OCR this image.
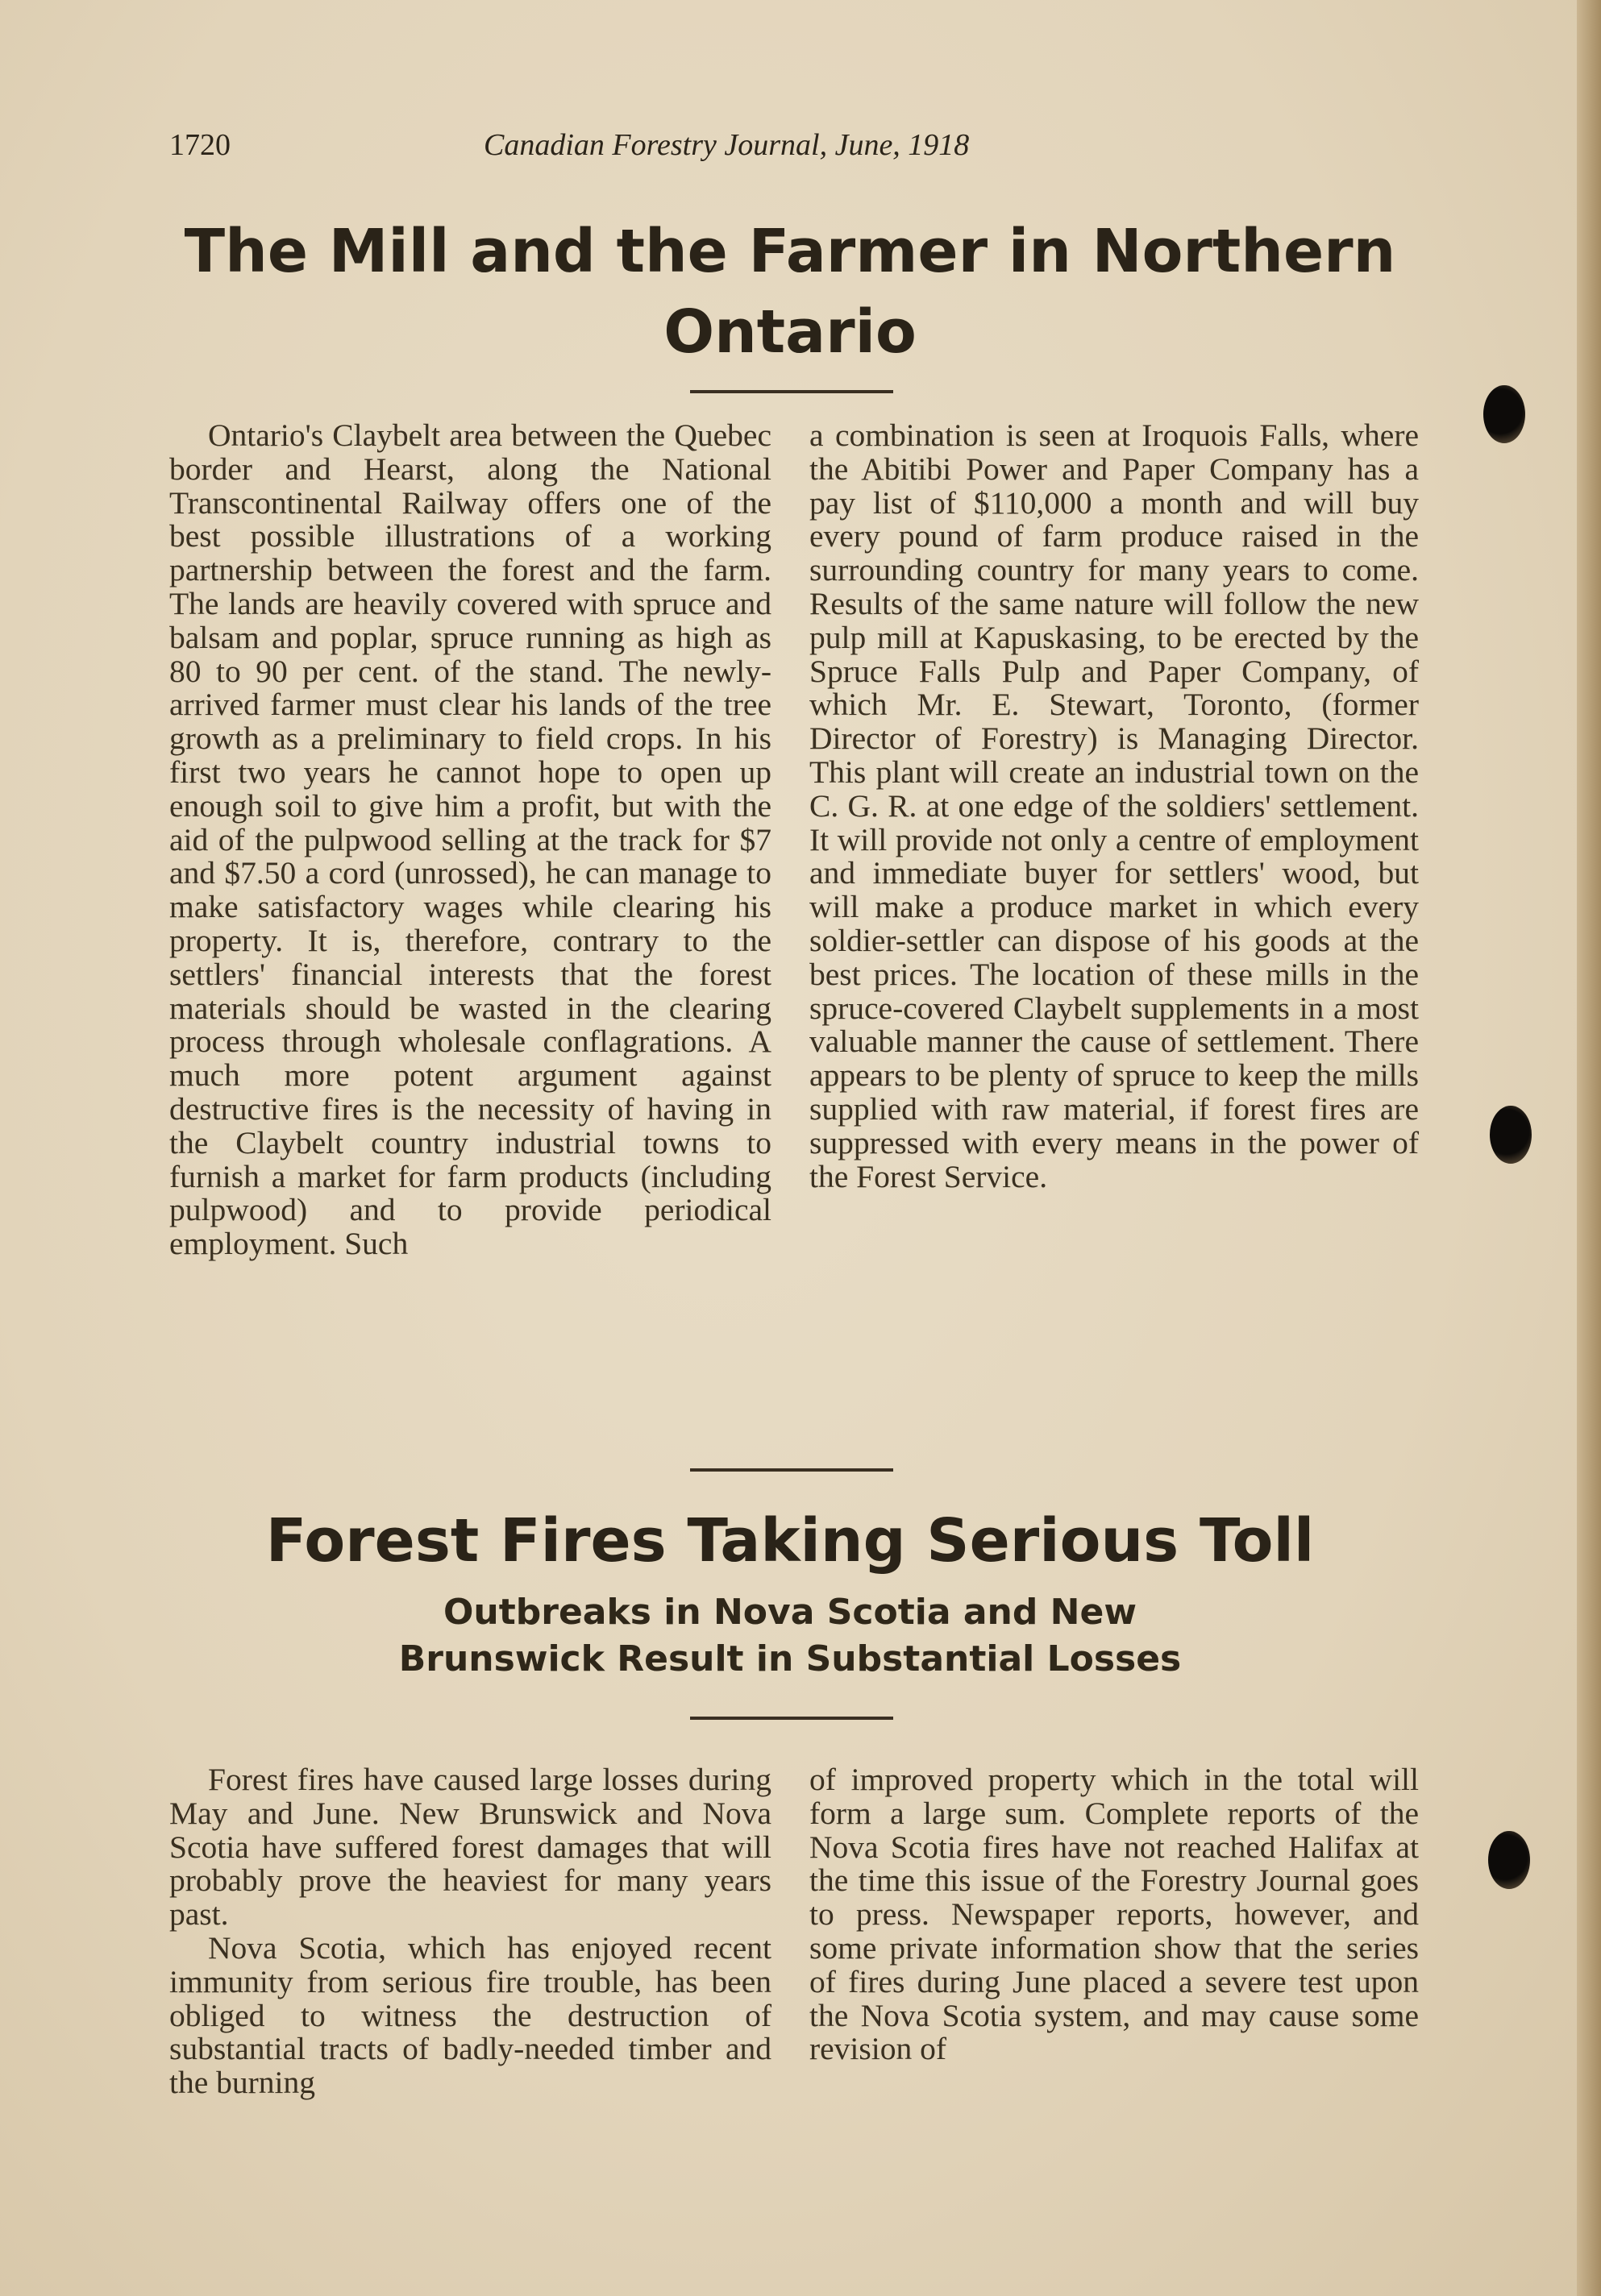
1720	Canadian Forestry Journal, June, 1918
The Mill and the Farmer in Northern
Ontario

Ontario's Claybelt area between the Quebec border and Hearst, along the National Transcontinental Railway offers one of the best possible illustrations of a working partnership between the forest and the farm. The lands are heavily covered with spruce and balsam and poplar, spruce running as high as 80 to 90 per cent. of the stand. The newly-arrived farmer must clear his lands of the tree growth as a preliminary to field crops. In his first two years he cannot hope to open up enough soil to give him a profit, but with the aid of the pulpwood selling at the track for $7 and $7.50 a cord (unrossed), he can manage to make satisfactory wages while clearing his property. It is, therefore, contrary to the settlers' financial interests that the forest materials should be wasted in the clearing process through wholesale conflagrations. A much more potent argument against destructive fires is the necessity of having in the Claybelt country industrial towns to furnish a market for farm products (including pulpwood) and to provide periodical employment. Such

a combination is seen at Iroquois Falls, where the Abitibi Power and Paper Company has a pay list of $110,000 a month and will buy every pound of farm produce raised in the surrounding country for many years to come. Results of the same nature will follow the new pulp mill at Kapuskasing, to be erected by the Spruce Falls Pulp and Paper Company, of which Mr. E. Stewart, Toronto, (former Director of Forestry) is Managing Director. This plant will create an industrial town on the C. G. R. at one edge of the soldiers' settlement. It will provide not only a centre of employment and immediate buyer for settlers' wood, but will make a produce market in which every soldier-settler can dispose of his goods at the best prices. The location of these mills in the spruce-covered Claybelt supplements in a most valuable manner the cause of settlement. There appears to be plenty of spruce to keep the mills supplied with raw material, if forest fires are suppressed with every means in the power of the Forest Service.

Forest Fires Taking Serious Toll
Outbreaks in Nova Scotia and New
Brunswick Result in Substantial Losses

Forest fires have caused large losses during May and June. New Brunswick and Nova Scotia have suffered forest damages that will probably prove the heaviest for many years past.

Nova Scotia, which has enjoyed recent immunity from serious fire trouble, has been obliged to witness the destruction of substantial tracts of badly-needed timber and the burning

of improved property which in the total will form a large sum. Complete reports of the Nova Scotia fires have not reached Halifax at the time this issue of the Forestry Journal goes to press. Newspaper reports, however, and some private information show that the series of fires during June placed a severe test upon the Nova Scotia system, and may cause some revision of
